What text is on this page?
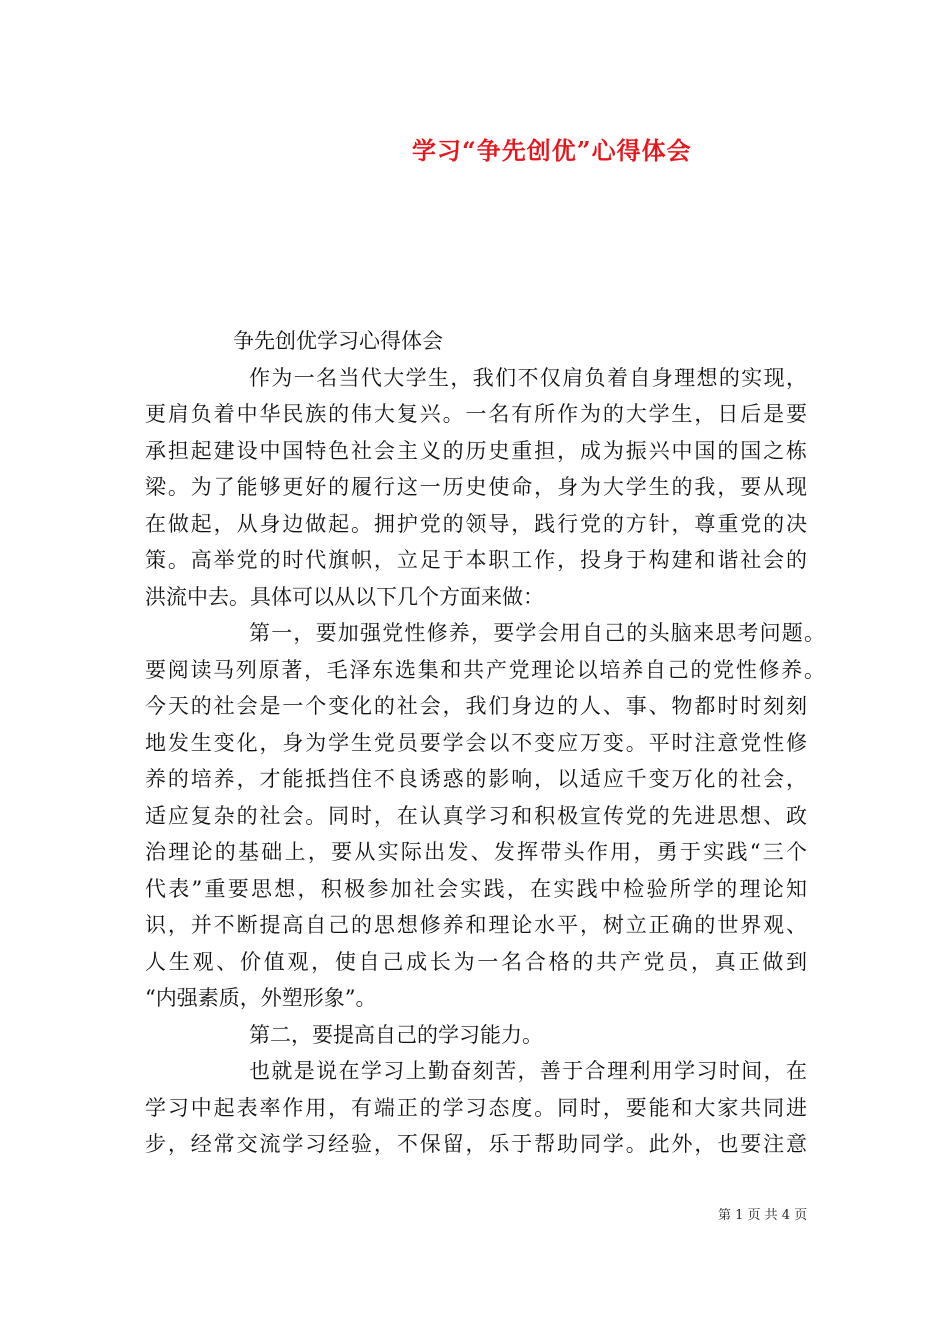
学习“争先创优”心得体会
争先创优学习心得体会
作为一名当代大学生，我们不仅肩负着自身理想的实现，
更肩负着中华民族的伟大复兴。一名有所作为的大学生，日后是要
承担起建设中国特色社会主义的历史重担，成为振兴中国的国之栋
梁。为了能够更好的履行这一历史使命，身为大学生的我，要从现
在做起，从身边做起。拥护党的领导，践行党的方针，尊重党的决
策。高举党的时代旗帜，立足于本职工作，投身于构建和谐社会的
洪流中去。具体可以从以下几个方面来做：
第一，要加强党性修养，要学会用自己的头脑来思考问题。
要阅读马列原著，毛泽东选集和共产党理论以培养自己的党性修养。
今天的社会是一个变化的社会，我们身边的人、事、物都时时刻刻
地发生变化，身为学生党员要学会以不变应万变。平时注意党性修
养的培养，才能抵挡住不良诱惑的影响，以适应千变万化的社会，
适应复杂的社会。同时，在认真学习和积极宣传党的先进思想、政
治理论的基础上，要从实际出发、发挥带头作用，勇于实践“三个
代表”重要思想，积极参加社会实践，在实践中检验所学的理论知
识，并不断提高自己的思想修养和理论水平，树立正确的世界观、
人生观、价值观，使自己成长为一名合格的共产党员，真正做到
“内强素质，外塑形象”。
第二，要提高自己的学习能力。
也就是说在学习上勤奋刻苦，善于合理利用学习时间，在
学习中起表率作用，有端正的学习态度。同时，要能和大家共同进
步，经常交流学习经验，不保留，乐于帮助同学。此外，也要注意
第 1 页 共 4 页
